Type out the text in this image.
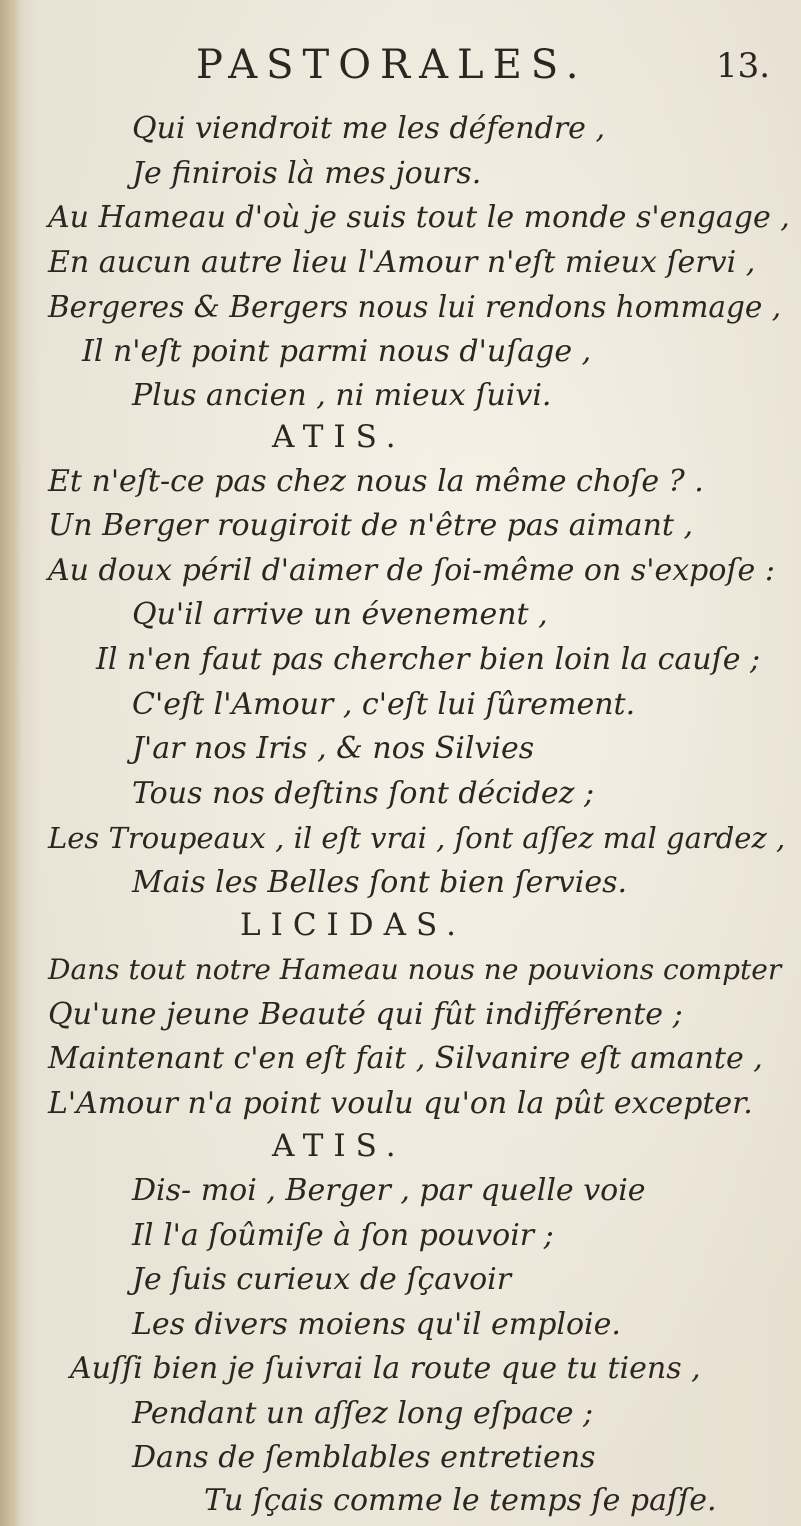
PASTORALES.	13.
Qui viendroit me les défendre ,
Je finirois là mes jours.
Au Hameau d'où je suis tout le monde s'engage ,
En aucun autre lieu l'Amour n'eſt mieux ſervi ,
Bergeres & Bergers nous lui rendons hommage ,
Il n'eſt point parmi nous d'uſage ,
Plus ancien , ni mieux ſuivi.
ATIS.
Et n'eſt-ce pas chez nous la même choſe ? .
Un Berger rougiroit de n'être pas aimant ,
Au doux péril d'aimer de ſoi-même on s'expoſe :
Qu'il arrive un évenement ,
Il n'en faut pas chercher bien loin la cauſe ;
C'eſt l'Amour , c'eſt lui ſûrement.
J'ar nos Iris , & nos Silvies
Tous nos deſtins ſont décidez ;
Les Troupeaux , il eſt vrai , ſont aſſez mal gardez ,
Mais les Belles ſont bien ſervies.
LICIDAS.
Dans tout notre Hameau nous ne pouvions compter
Qu'une jeune Beauté qui fût indifférente ;
Maintenant c'en eſt fait , Silvanire eſt amante ,
L'Amour n'a point voulu qu'on la pût excepter.
ATIS.
Dis- moi , Berger , par quelle voie
Il l'a ſoûmiſe à ſon pouvoir ;
Je ſuis curieux de ſçavoir
Les divers moiens qu'il emploie.
Auſſi bien je ſuivrai la route que tu tiens ,
Pendant un aſſez long eſpace ;
Dans de ſemblables entretiens
Tu ſçais comme le temps ſe paſſe.
